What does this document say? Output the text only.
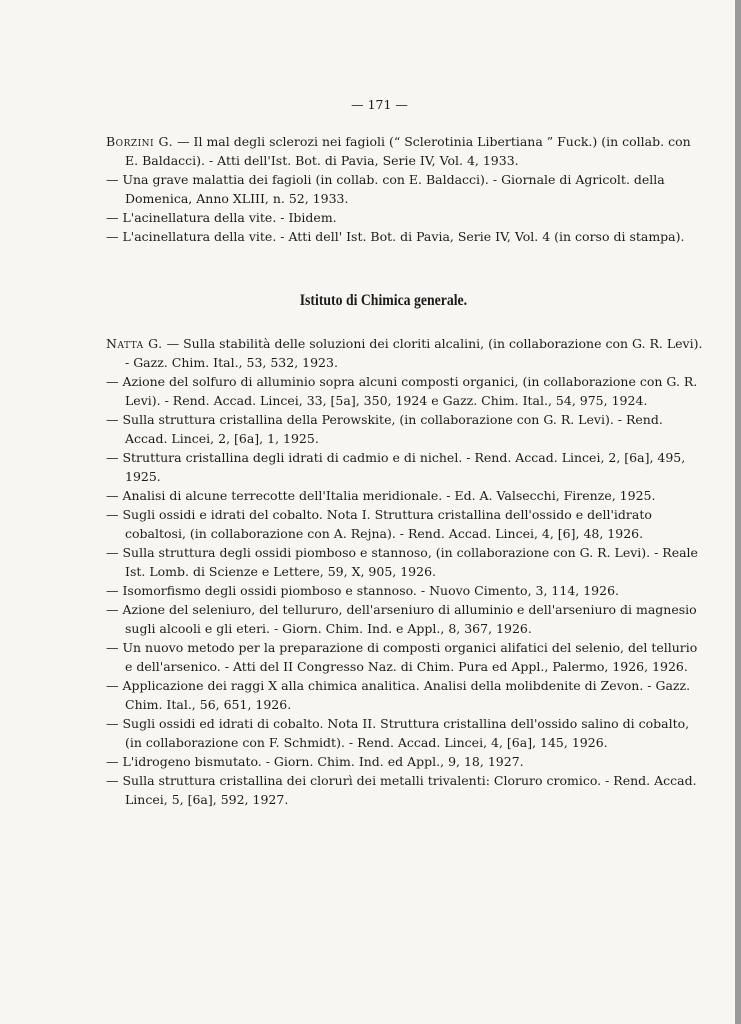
— 171 —

Borzini G. — Il mal degli sclerozi nei fagioli (“ Sclerotinia Libertiana ” Fuck.) (in collab. con E. Baldacci). - Atti dell'Ist. Bot. di Pavia, Serie IV, Vol. 4, 1933.

— Una grave malattia dei fagioli (in collab. con E. Baldacci). - Giornale di Agricolt. della Domenica, Anno XLIII, n. 52, 1933.

— L'acinellatura della vite. - Ibidem.

— L'acinellatura della vite. - Atti dell' Ist. Bot. di Pavia, Serie IV, Vol. 4 (in corso di stampa).

Istituto di Chimica generale.

Natta G. — Sulla stabilità delle soluzioni dei cloriti alcalini, (in collaborazione con G. R. Levi). - Gazz. Chim. Ital., 53, 532, 1923.

— Azione del solfuro di alluminio sopra alcuni composti organici, (in collaborazione con G. R. Levi). - Rend. Accad. Lincei, 33, [5a], 350, 1924 e Gazz. Chim. Ital., 54, 975, 1924.

— Sulla struttura cristallina della Perowskite, (in collaborazione con G. R. Levi). - Rend. Accad. Lincei, 2, [6a], 1, 1925.

— Struttura cristallina degli idrati di cadmio e di nichel. - Rend. Accad. Lincei, 2, [6a], 495, 1925.

— Analisi di alcune terrecotte dell'Italia meridionale. - Ed. A. Valsecchi, Firenze, 1925.

— Sugli ossidi e idrati del cobalto. Nota I. Struttura cristallina dell'ossido e dell'idrato cobaltosi, (in collaborazione con A. Rejna). - Rend. Accad. Lincei, 4, [6], 48, 1926.

— Sulla struttura degli ossidi piomboso e stannoso, (in collaborazione con G. R. Levi). - Reale Ist. Lomb. di Scienze e Lettere, 59, X, 905, 1926.

— Isomorfismo degli ossidi piomboso e stannoso. - Nuovo Cimento, 3, 114, 1926.

— Azione del seleniuro, del tellururo, dell'arseniuro di alluminio e dell'arseniuro di magnesio sugli alcooli e gli eteri. - Giorn. Chim. Ind. e Appl., 8, 367, 1926.

— Un nuovo metodo per la preparazione di composti organici alifatici del selenio, del tellurio e dell'arsenico. - Atti del II Congresso Naz. di Chim. Pura ed Appl., Palermo, 1926, 1926.

— Applicazione dei raggi X alla chimica analitica. Analisi della molibdenite di Zevon. - Gazz. Chim. Ital., 56, 651, 1926.

— Sugli ossidi ed idrati di cobalto. Nota II. Struttura cristallina dell'ossido salino di cobalto, (in collaborazione con F. Schmidt). - Rend. Accad. Lincei, 4, [6a], 145, 1926.

— L'idrogeno bismutato. - Giorn. Chim. Ind. ed Appl., 9, 18, 1927.

— Sulla struttura cristallina dei clorurì dei metalli trivalenti: Cloruro cromico. - Rend. Accad. Lincei, 5, [6a], 592, 1927.
